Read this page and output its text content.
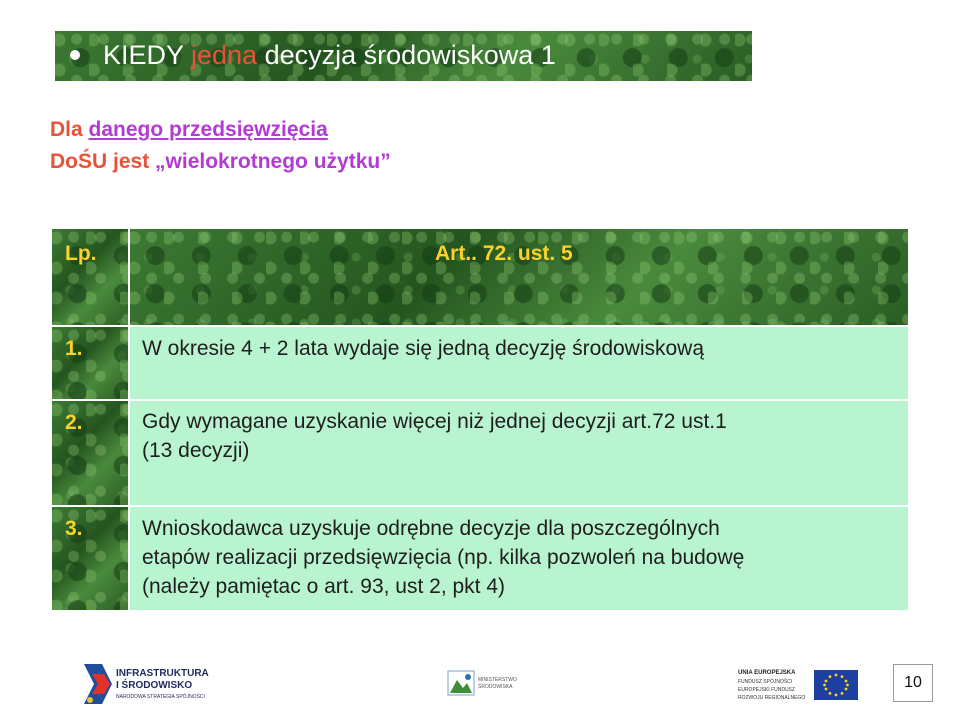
KIEDY jedna decyzja środowiskowa 1
Dla danego przedsięwzięcia
DoŚU jest „wielokrotnego użytku”
Lp.	Art.. 72. ust. 5
1.	W okresie 4 + 2 lata wydaje się jedną decyzję środowiskową
2.	Gdy wymagane uzyskanie więcej niż jednej decyzji art.72 ust.1
(13 decyzji)
3.	Wnioskodawca uzyskuje odrębne decyzje dla poszczególnych
etapów realizacji przedsięwzięcia (np. kilka pozwoleń na budowę
(należy pamiętac o art. 93, ust 2, pkt 4)
INFRASTRUKTURA
I ŚRODOWISKO
NARODOWA STRATEGIA SPÓJNOŚCI
MINISTERSTWO
ŚRODOWISKA
UNIA EUROPEJSKA
FUNDUSZ SPÓJNOŚCI
EUROPEJSKI FUNDUSZ
ROZWOJU REGIONALNEGO
10
